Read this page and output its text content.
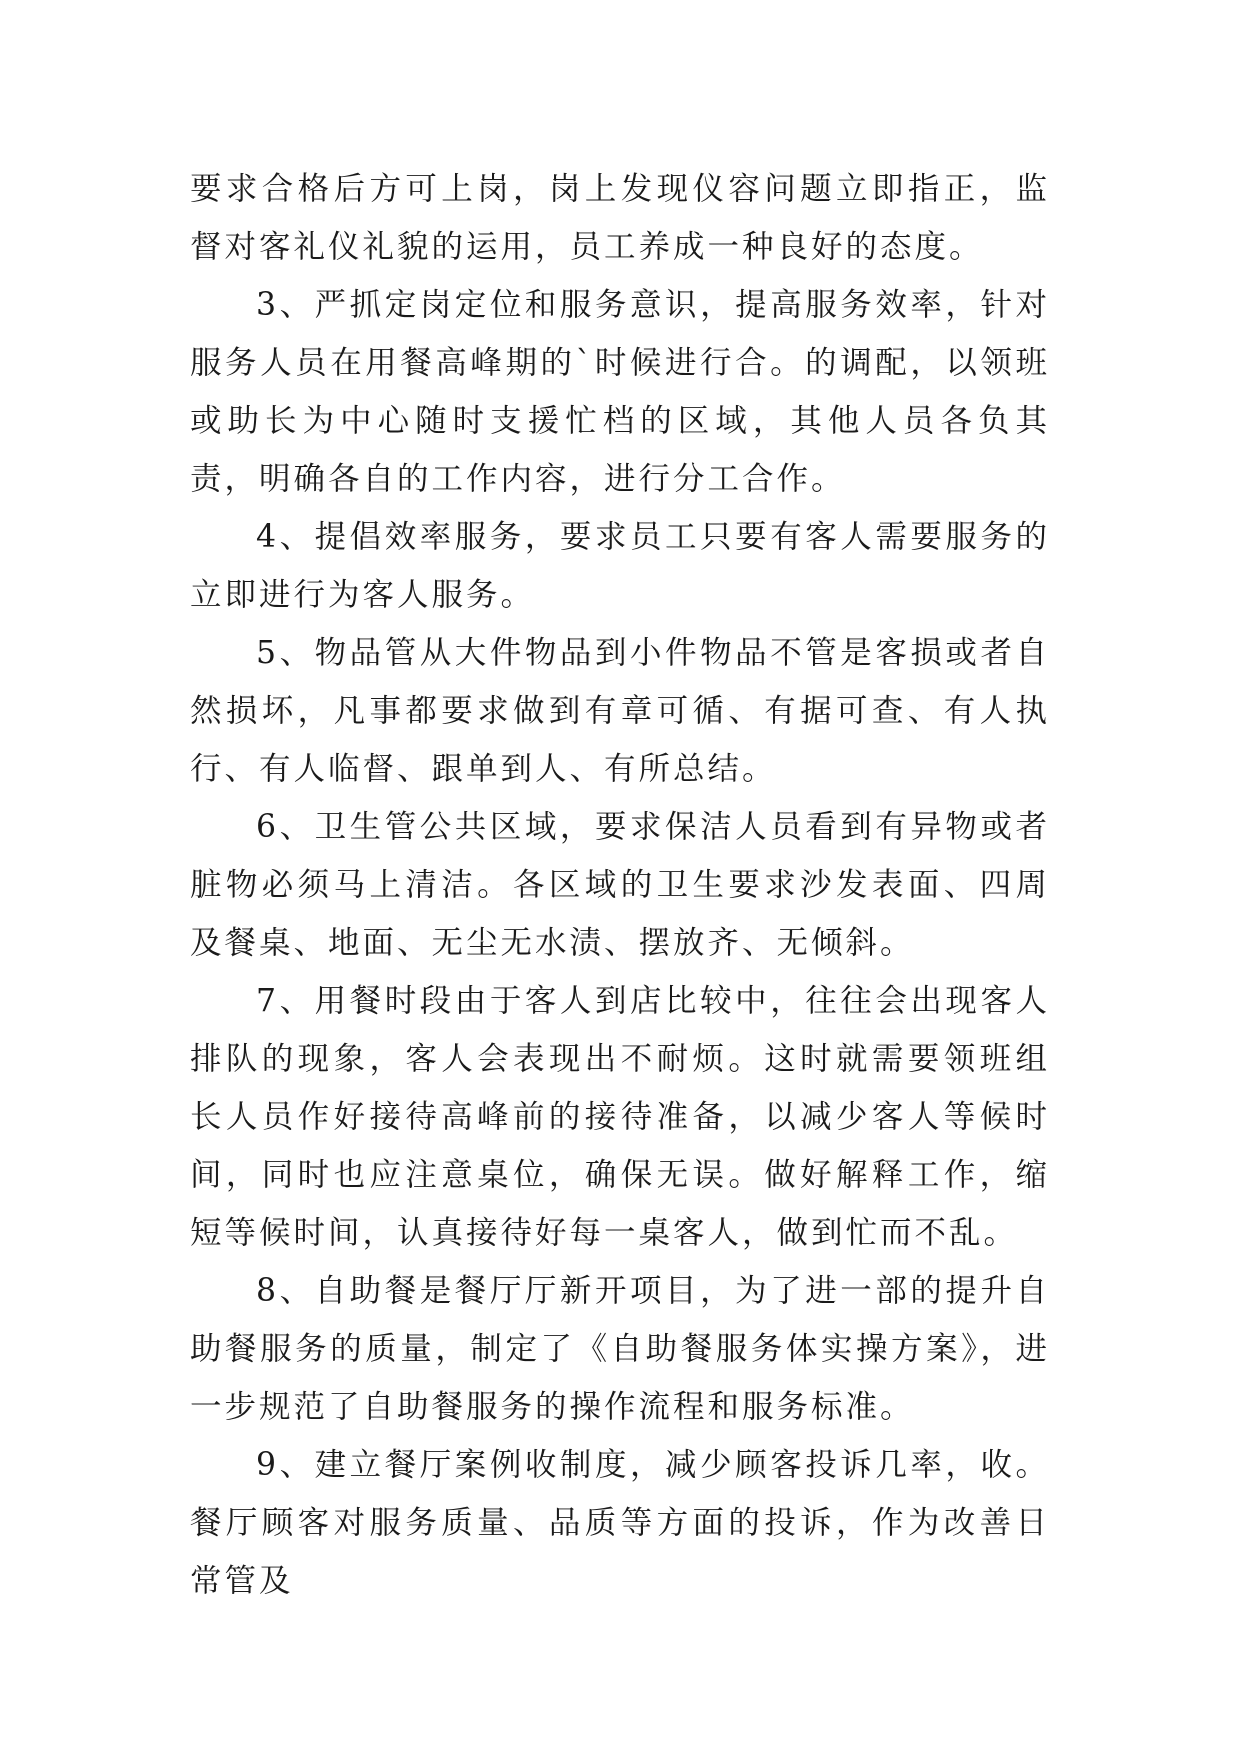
要求合格后方可上岗，岗上发现仪容问题立即指正，监督对客礼仪礼貌的运用，员工养成一种良好的态度。

3、严抓定岗定位和服务意识，提高服务效率，针对服务人员在用餐高峰期的`时候进行合。的调配，以领班或助长为中心随时支援忙档的区域，其他人员各负其责，明确各自的工作内容，进行分工合作。

4、提倡效率服务，要求员工只要有客人需要服务的立即进行为客人服务。

5、物品管从大件物品到小件物品不管是客损或者自然损坏，凡事都要求做到有章可循、有据可查、有人执行、有人临督、跟单到人、有所总结。

6、卫生管公共区域，要求保洁人员看到有异物或者脏物必须马上清洁。各区域的卫生要求沙发表面、四周及餐桌、地面、无尘无水渍、摆放齐、无倾斜。

7、用餐时段由于客人到店比较中，往往会出现客人排队的现象，客人会表现出不耐烦。这时就需要领班组长人员作好接待高峰前的接待准备，以减少客人等候时间，同时也应注意桌位，确保无误。做好解释工作，缩短等候时间，认真接待好每一桌客人，做到忙而不乱。

8、自助餐是餐厅厅新开项目，为了进一部的提升自助餐服务的质量，制定了《自助餐服务体实操方案》，进一步规范了自助餐服务的操作流程和服务标准。

9、建立餐厅案例收制度，减少顾客投诉几率，收。餐厅顾客对服务质量、品质等方面的投诉，作为改善日常管及
